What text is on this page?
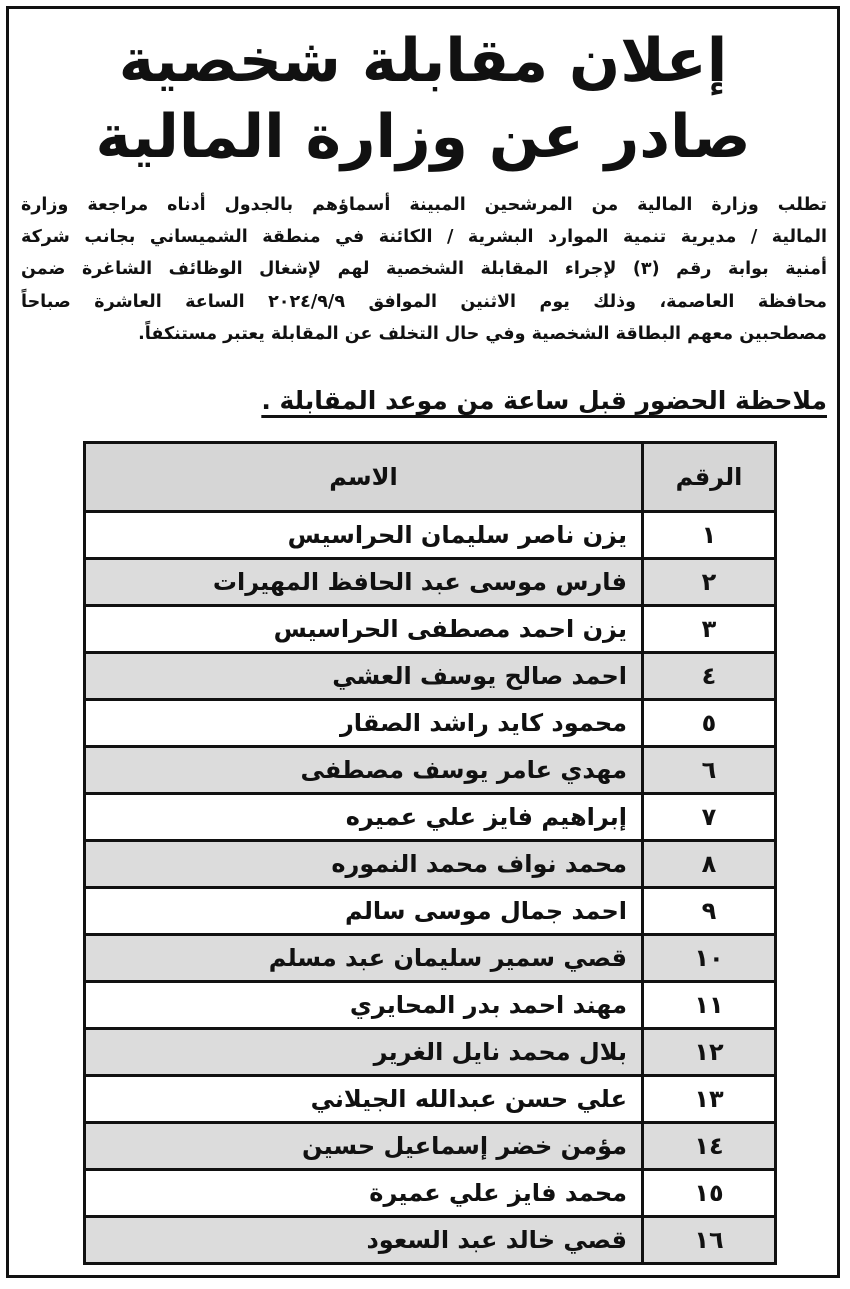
إعلان مقابلة شخصية
صادر عن وزارة المالية
تطلب وزارة المالية من المرشحين المبينة أسماؤهم بالجدول أدناه مراجعة وزارة
المالية / مديرية تنمية الموارد البشرية / الكائنة في منطقة الشميساني بجانب شركة
أمنية بوابة رقم (٣) لإجراء المقابلة الشخصية لهم لإشغال الوظائف الشاغرة ضمن
محافظة العاصمة، وذلك يوم الاثنين الموافق ٢٠٢٤/٩/٩ الساعة العاشرة صباحاً
مصطحبين معهم البطاقة الشخصية وفي حال التخلف عن المقابلة يعتبر مستنكفاً.
ملاحظة الحضور قبل ساعة من موعد المقابلة .
الرقم	الاسم
١	يزن ناصر سليمان الحراسيس
٢	فارس موسى عبد الحافظ المهيرات
٣	يزن احمد مصطفى الحراسيس
٤	احمد صالح يوسف العشي
٥	محمود كايد راشد الصقار
٦	مهدي عامر يوسف مصطفى
٧	إبراهيم فايز علي عميره
٨	محمد نواف محمد النموره
٩	احمد جمال موسى سالم
١٠	قصي سمير سليمان عبد مسلم
١١	مهند احمد بدر المحايري
١٢	بلال محمد نايل الغرير
١٣	علي حسن عبدالله الجيلاني
١٤	مؤمن خضر إسماعيل حسين
١٥	محمد فايز علي عميرة
١٦	قصي خالد عبد السعود
